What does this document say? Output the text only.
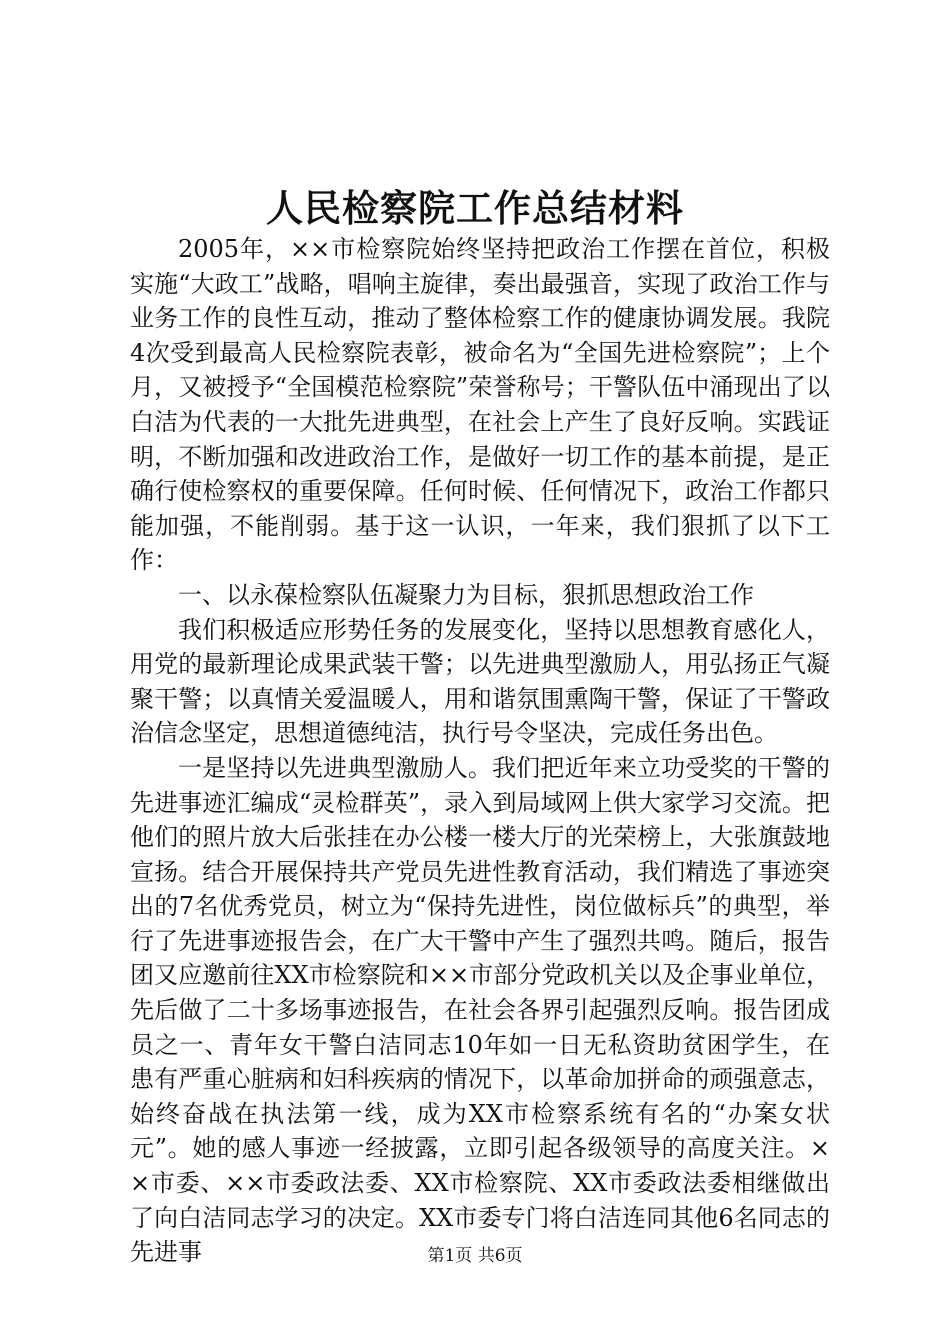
人民检察院工作总结材料

2005年，××市检察院始终坚持把政治工作摆在首位，积极实施“大政工”战略，唱响主旋律，奏出最强音，实现了政治工作与业务工作的良性互动，推动了整体检察工作的健康协调发展。我院4次受到最高人民检察院表彰，被命名为“全国先进检察院”；上个月，又被授予“全国模范检察院”荣誉称号；干警队伍中涌现出了以白洁为代表的一大批先进典型，在社会上产生了良好反响。实践证明，不断加强和改进政治工作，是做好一切工作的基本前提，是正确行使检察权的重要保障。任何时候、任何情况下，政治工作都只能加强，不能削弱。基于这一认识，一年来，我们狠抓了以下工作：

一、以永葆检察队伍凝聚力为目标，狠抓思想政治工作

我们积极适应形势任务的发展变化，坚持以思想教育感化人，用党的最新理论成果武装干警；以先进典型激励人，用弘扬正气凝聚干警；以真情关爱温暖人，用和谐氛围熏陶干警，保证了干警政治信念坚定，思想道德纯洁，执行号令坚决，完成任务出色。

一是坚持以先进典型激励人。我们把近年来立功受奖的干警的先进事迹汇编成“灵检群英”，录入到局域网上供大家学习交流。把他们的照片放大后张挂在办公楼一楼大厅的光荣榜上，大张旗鼓地宣扬。结合开展保持共产党员先进性教育活动，我们精选了事迹突出的7名优秀党员，树立为“保持先进性，岗位做标兵”的典型，举行了先进事迹报告会，在广大干警中产生了强烈共鸣。随后，报告团又应邀前往XX市检察院和××市部分党政机关以及企事业单位，先后做了二十多场事迹报告，在社会各界引起强烈反响。报告团成员之一、青年女干警白洁同志10年如一日无私资助贫困学生，在患有严重心脏病和妇科疾病的情况下，以革命加拼命的顽强意志，始终奋战在执法第一线，成为XX市检察系统有名的“办案女状元”。她的感人事迹一经披露，立即引起各级领导的高度关注。××市委、××市委政法委、XX市检察院、XX市委政法委相继做出了向白洁同志学习的决定。XX市委专门将白洁连同其他6名同志的先进事	第1页 共6页
